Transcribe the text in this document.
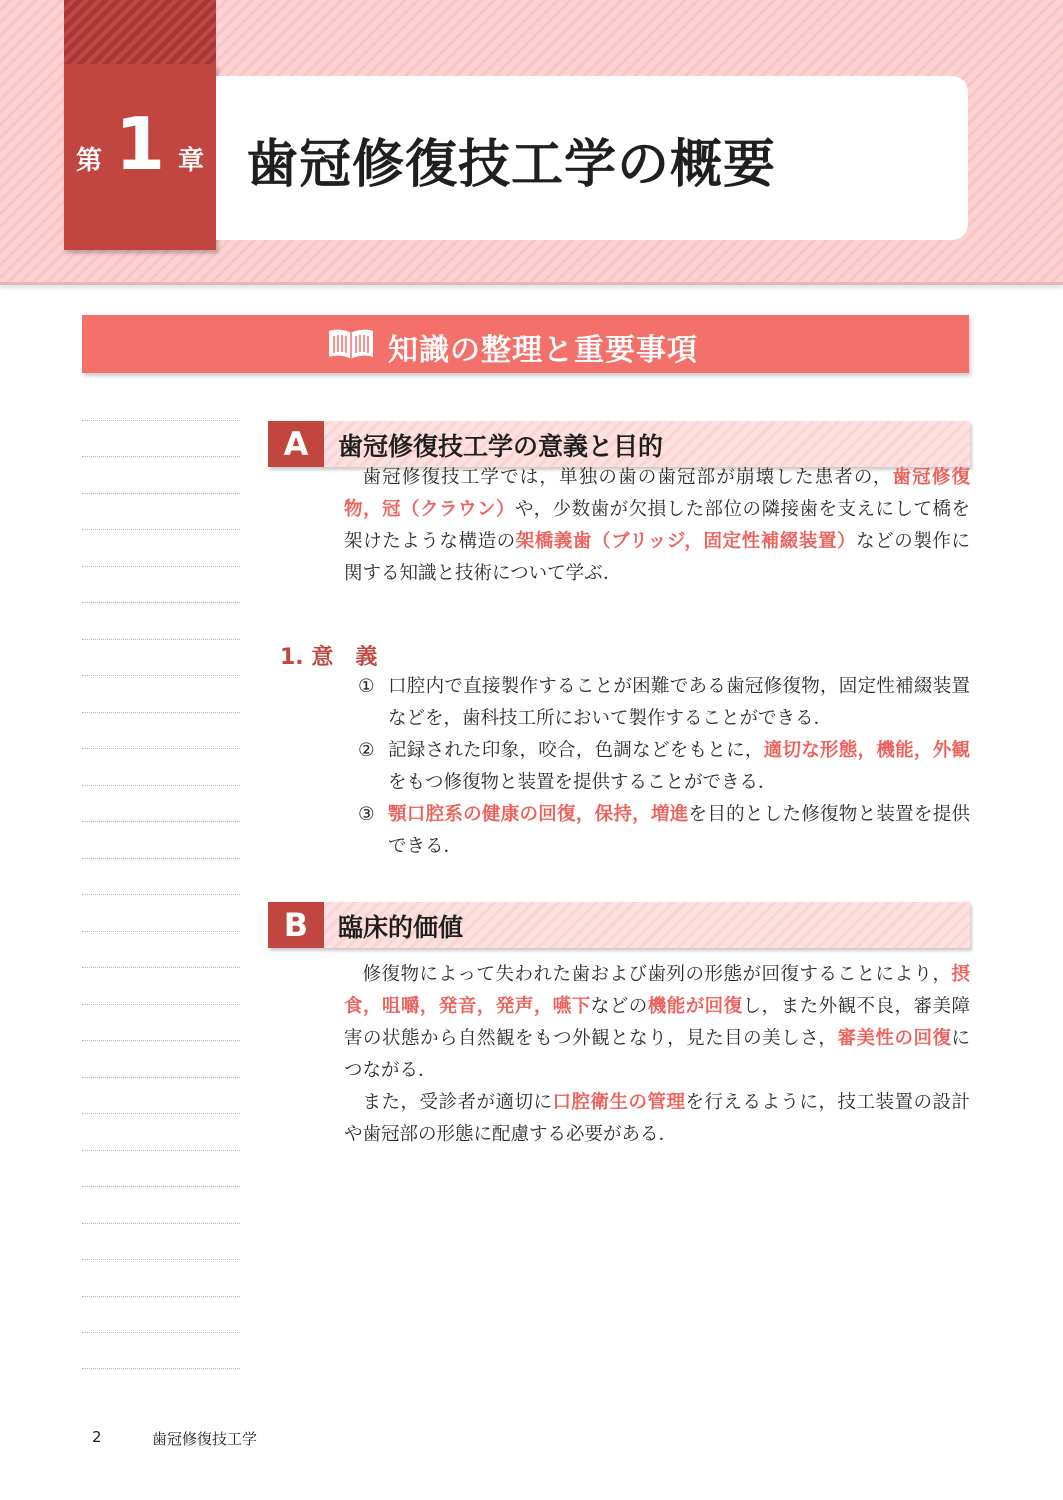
第 1 章 歯冠修復技工学の概要
知識の整理と重要事項
A	歯冠修復技工学の意義と目的

歯冠修復技工学では，単独の歯の歯冠部が崩壊した患者の，歯冠修復物，冠（クラウン）や，少数歯が欠損した部位の隣接歯を支えにして橋を架けたような構造の架橋義歯（ブリッジ，固定性補綴装置）などの製作に関する知識と技術について学ぶ．

1. 意　義
① 口腔内で直接製作することが困難である歯冠修復物，固定性補綴装置などを，歯科技工所において製作することができる．
② 記録された印象，咬合，色調などをもとに，適切な形態，機能，外観をもつ修復物と装置を提供することができる．
③ 顎口腔系の健康の回復，保持，増進を目的とした修復物と装置を提供できる．
B	臨床的価値

修復物によって失われた歯および歯列の形態が回復することにより，摂食，咀嚼，発音，発声，嚥下などの機能が回復し，また外観不良，審美障害の状態から自然観をもつ外観となり，見た目の美しさ，審美性の回復につながる．

また，受診者が適切に口腔衛生の管理を行えるように，技工装置の設計や歯冠部の形態に配慮する必要がある．

2	歯冠修復技工学
